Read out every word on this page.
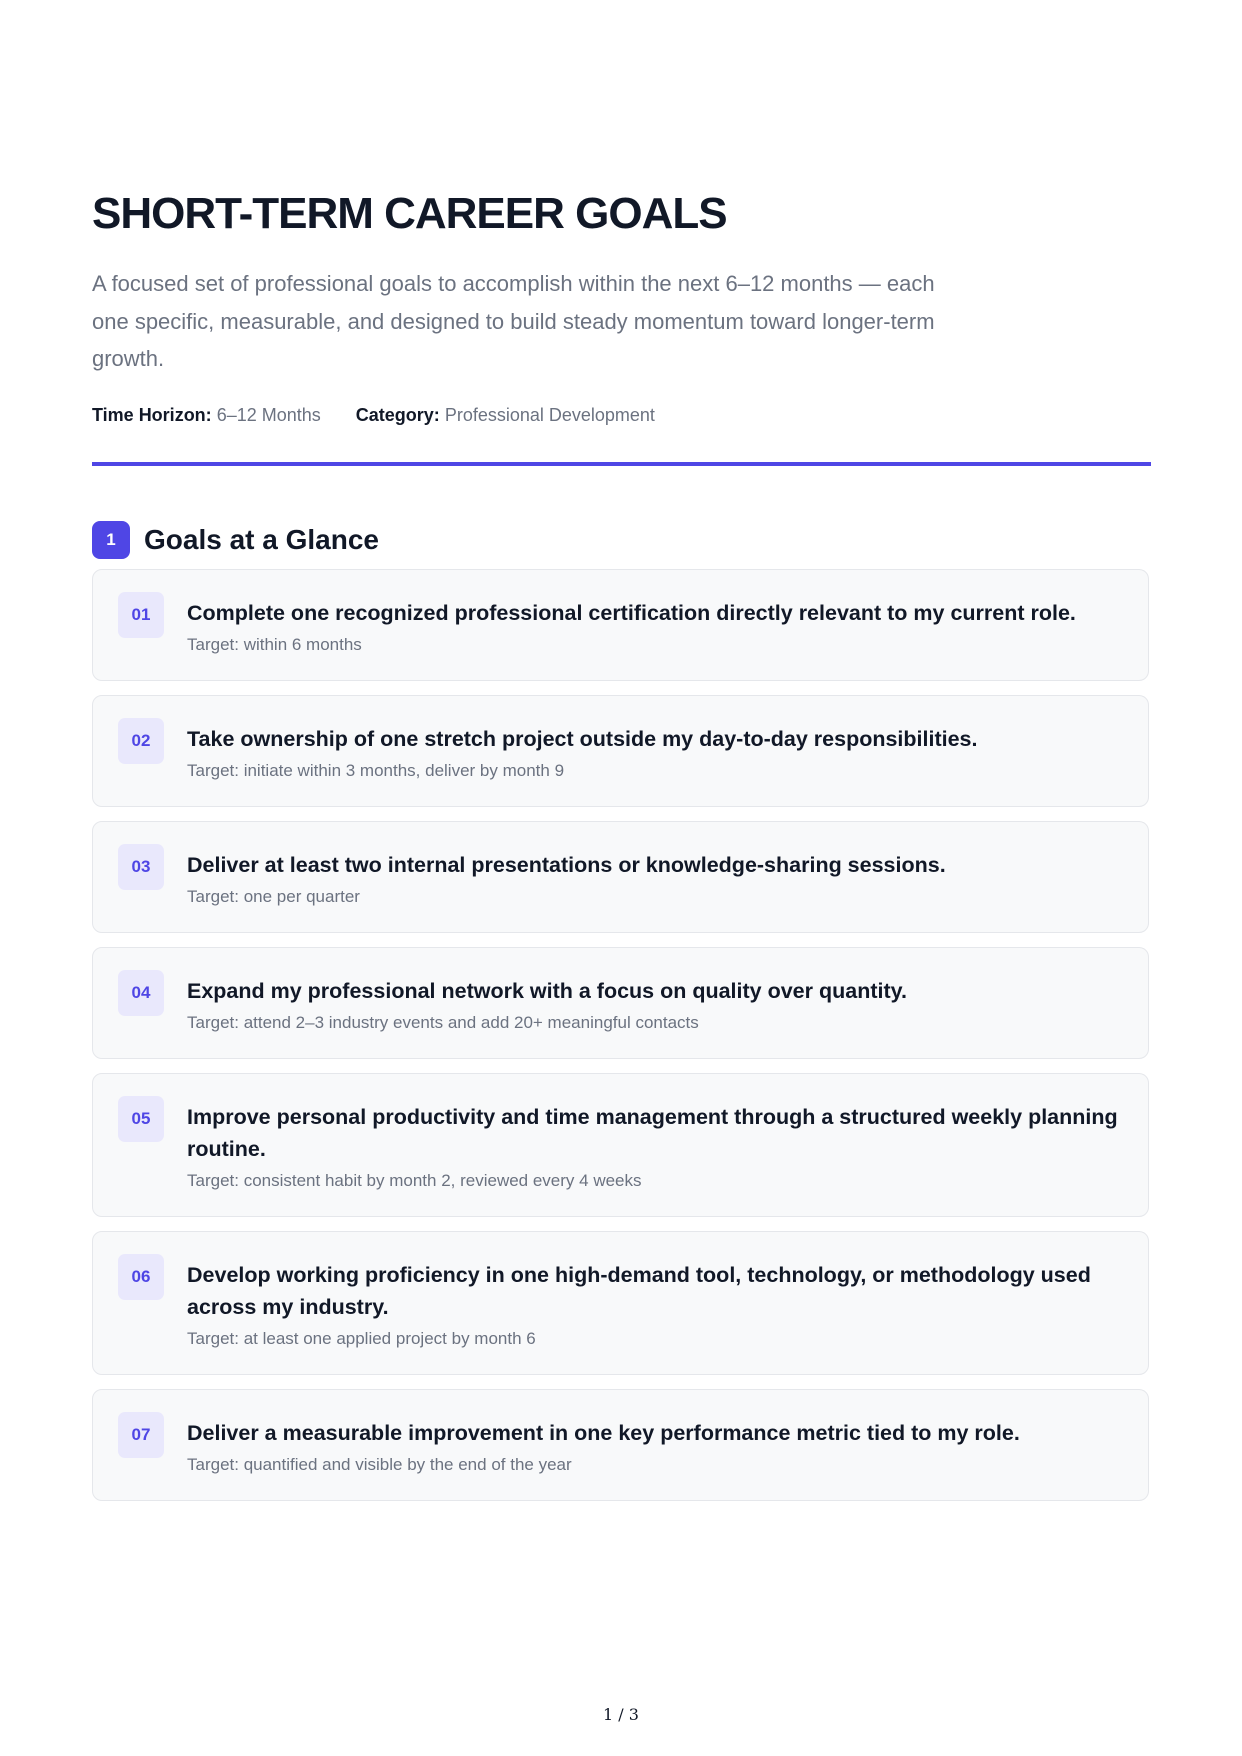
SHORT-TERM CAREER GOALS

A focused set of professional goals to accomplish within the next 6–12 months — each one specific, measurable, and designed to build steady momentum toward longer-term growth.

Time Horizon: 6–12 Months Category: Professional Development
1	Goals at a Glance
01	Complete one recognized professional certification directly relevant to my current role.
Target: within 6 months
02	Take ownership of one stretch project outside my day-to-day responsibilities.
Target: initiate within 3 months, deliver by month 9
03	Deliver at least two internal presentations or knowledge-sharing sessions.
Target: one per quarter
04	Expand my professional network with a focus on quality over quantity.
Target: attend 2–3 industry events and add 20+ meaningful contacts
05	Improve personal productivity and time management through a structured weekly planning routine.
Target: consistent habit by month 2, reviewed every 4 weeks
06	Develop working proficiency in one high-demand tool, technology, or methodology used across my industry.
Target: at least one applied project by month 6
07	Deliver a measurable improvement in one key performance metric tied to my role.
Target: quantified and visible by the end of the year
1 / 3
